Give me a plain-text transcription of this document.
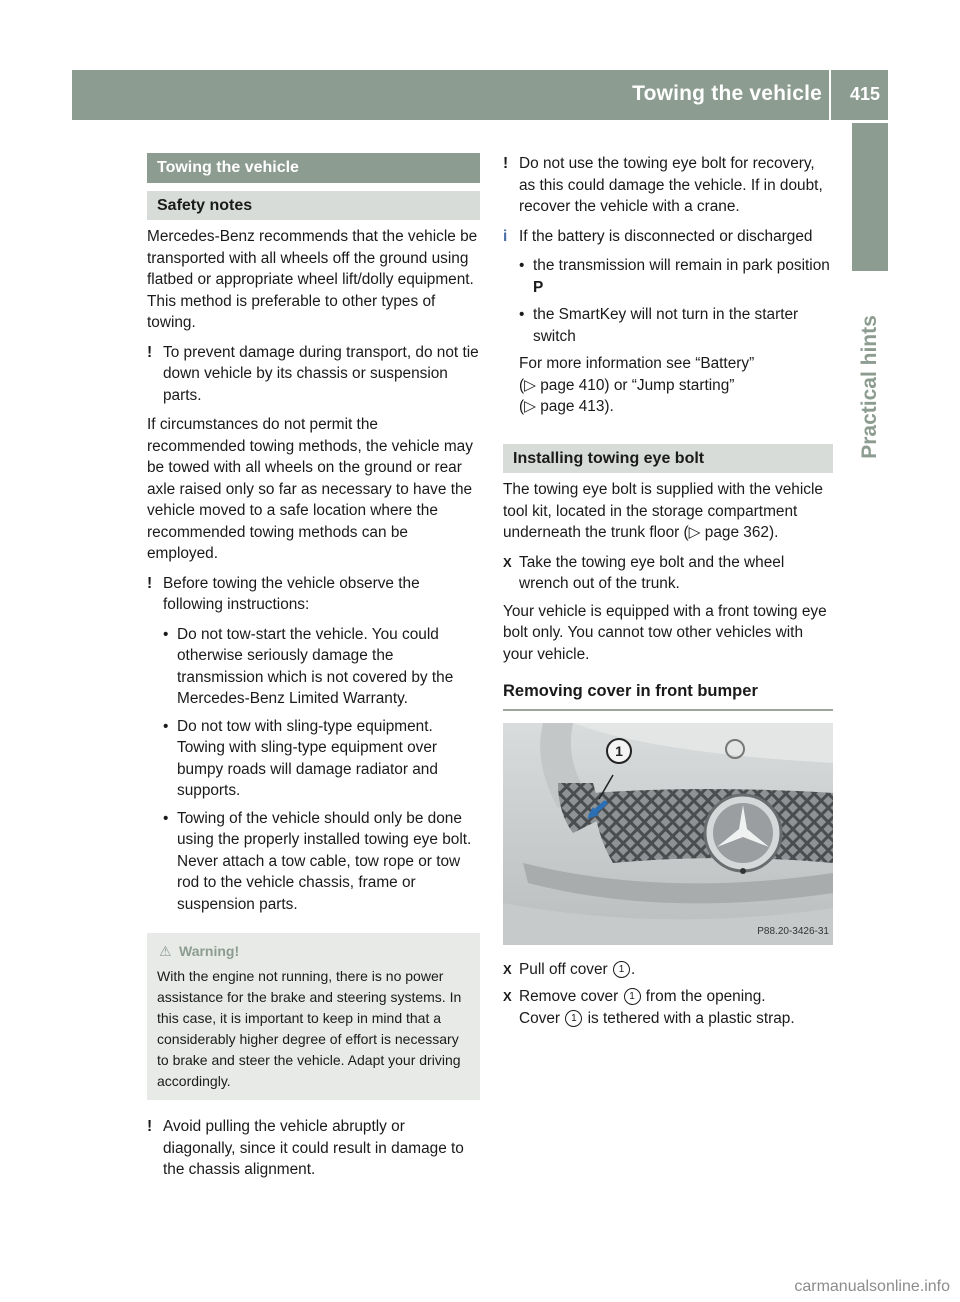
Towing the vehicle 415
Practical hints
Towing the vehicle
Safety notes

Mercedes-Benz recommends that the vehicle be transported with all wheels off the ground using flatbed or appropriate wheel lift/dolly equipment. This method is preferable to other types of towing.

! To prevent damage during transport, do not tie down vehicle by its chassis or suspension parts.

If circumstances do not permit the recommended towing methods, the vehicle may be towed with all wheels on the ground or rear axle raised only so far as necessary to have the vehicle moved to a safe location where the recommended towing methods can be employed.

! Before towing the vehicle observe the following instructions:
• Do not tow-start the vehicle. You could otherwise seriously damage the transmission which is not covered by the Mercedes-Benz Limited Warranty.
• Do not tow with sling-type equipment. Towing with sling-type equipment over bumpy roads will damage radiator and supports.
• Towing of the vehicle should only be done using the properly installed towing eye bolt. Never attach a tow cable, tow rope or tow rod to the vehicle chassis, frame or suspension parts.
⚠ Warning!
With the engine not running, there is no power assistance for the brake and steering systems. In this case, it is important to keep in mind that a considerably higher degree of effort is necessary to brake and steer the vehicle. Adapt your driving accordingly.
! Avoid pulling the vehicle abruptly or diagonally, since it could result in damage to the chassis alignment.
! Do not use the towing eye bolt for recovery, as this could damage the vehicle. If in doubt, recover the vehicle with a crane.
i If the battery is disconnected or discharged
• the transmission will remain in park position P
• the SmartKey will not turn in the starter switch
For more information see “Battery”
(▷ page 410) or “Jump starting”
(▷ page 413).
Installing towing eye bolt

The towing eye bolt is supplied with the vehicle tool kit, located in the storage compartment underneath the trunk floor (▷ page 362).

X Take the towing eye bolt and the wheel wrench out of the trunk.

Your vehicle is equipped with a front towing eye bolt only. You cannot tow other vehicles with your vehicle.

Removing cover in front bumper
1
P88.20-3426-31
X Pull off cover 1 .
X Remove cover 1 from the opening.
Cover 1 is tethered with a plastic strap.
carmanualsonline.info
